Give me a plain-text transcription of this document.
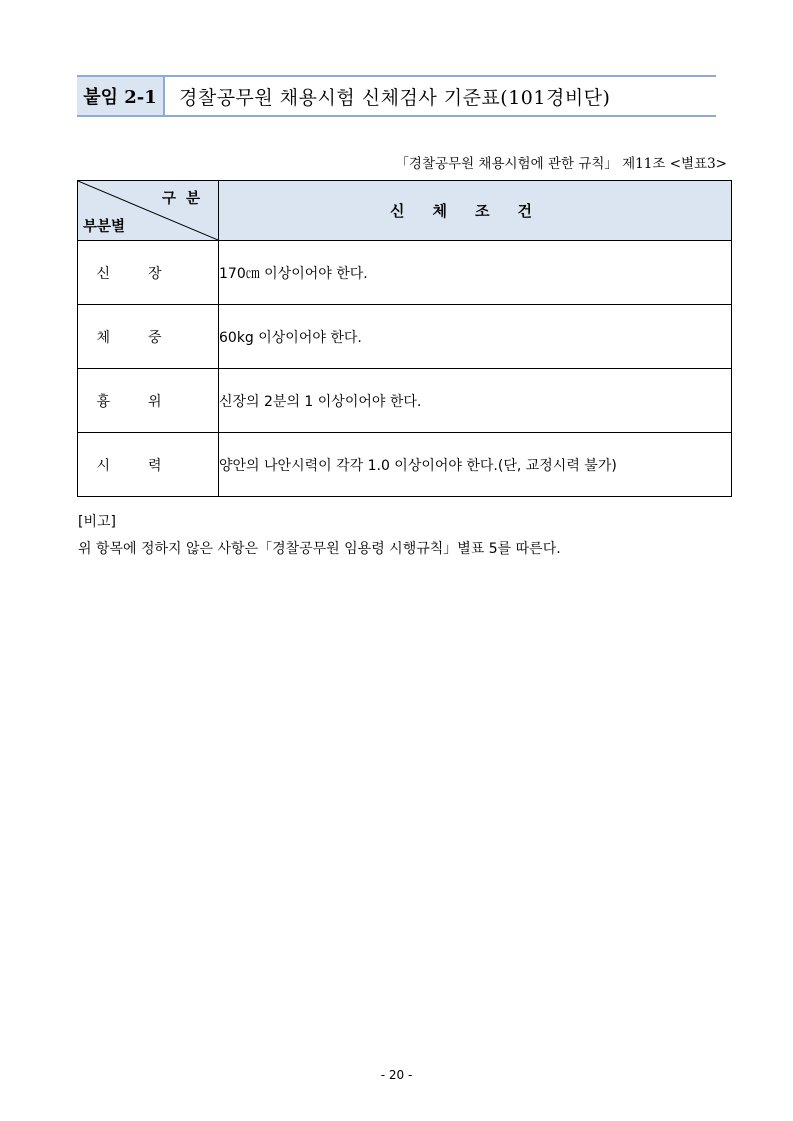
붙임 2-1	경찰공무원 채용시험 신체검사 기준표(101경비단)
「경찰공무원 채용시험에 관한 규칙」 제11조 <별표3>
구분
부분별	신체조건
신장	170㎝ 이상이어야 한다.
체중	60kg 이상이어야 한다.
흉위	신장의 2분의 1 이상이어야 한다.
시력	양안의 나안시력이 각각 1.0 이상이어야 한다.(단, 교정시력 불가)
[비고]
위 항목에 정하지 않은 사항은「경찰공무원 임용령 시행규칙」별표 5를 따른다.
- 20 -
